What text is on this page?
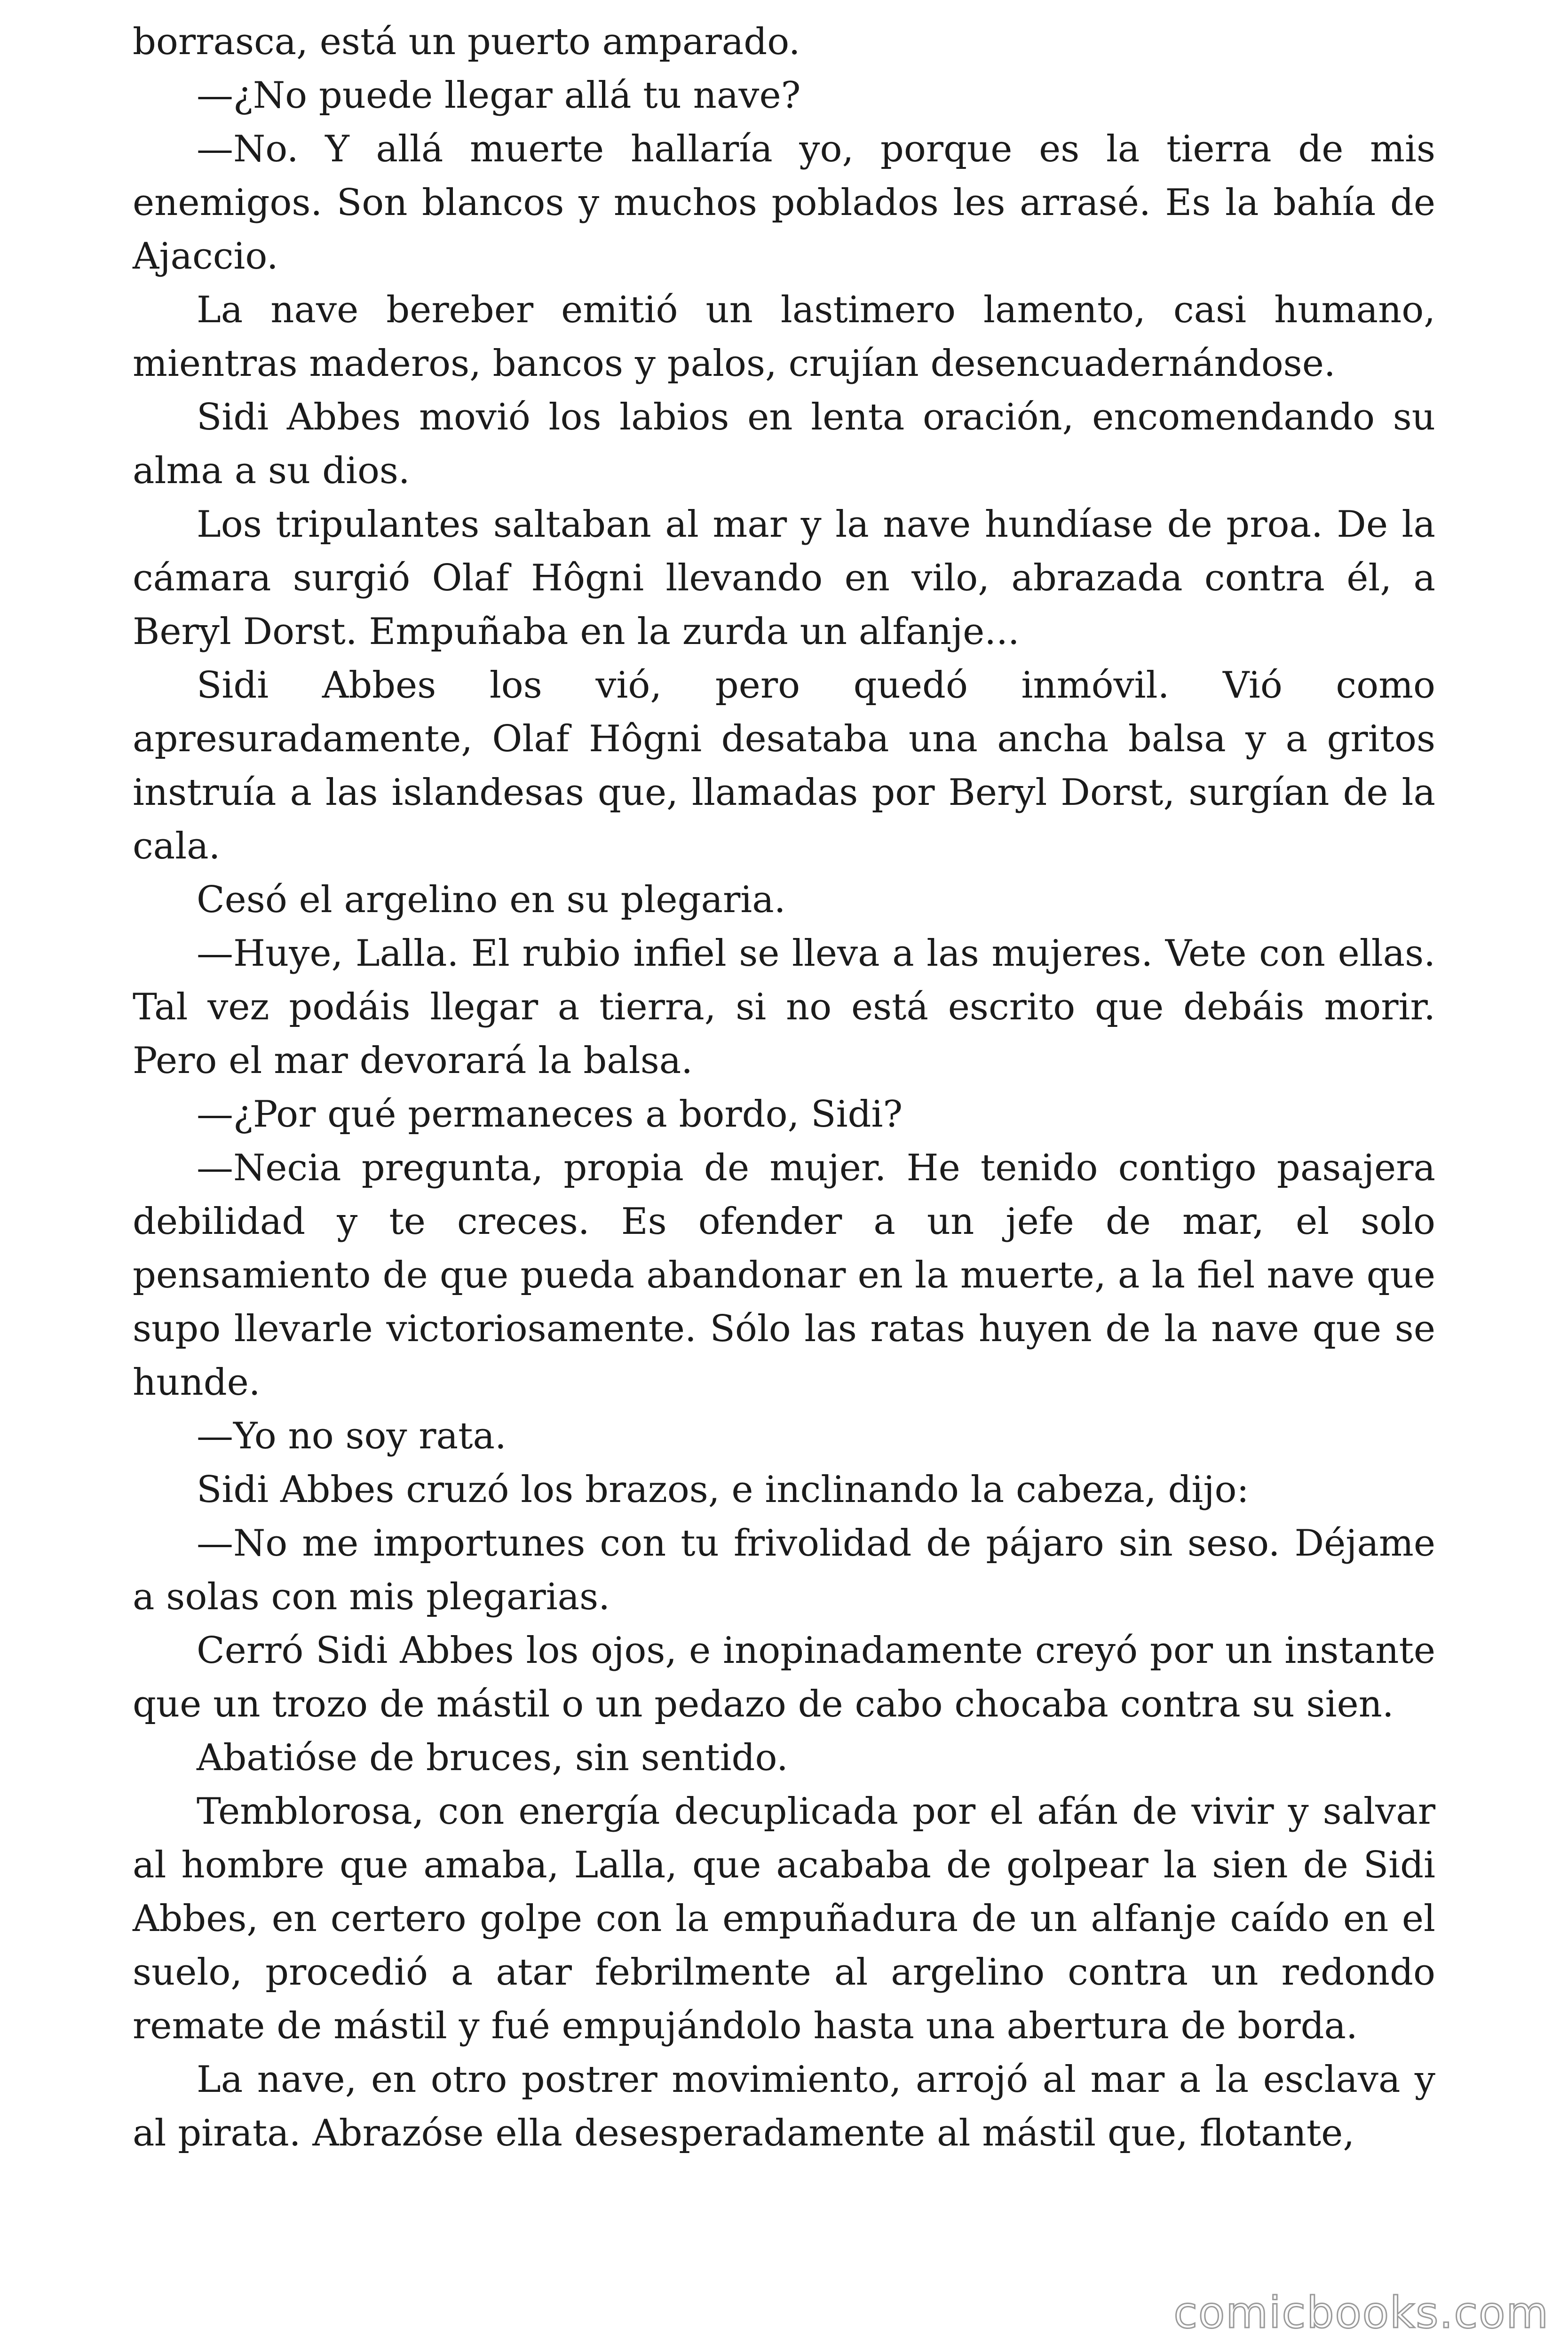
borrasca, está un puerto amparado.

—¿No puede llegar allá tu nave?

—No. Y allá muerte hallaría yo, porque es la tierra de mis enemigos. Son blancos y muchos poblados les arrasé. Es la bahía de Ajaccio.

La nave bereber emitió un lastimero lamento, casi humano, mientras maderos, bancos y palos, crujían desencuadernándose.

Sidi Abbes movió los labios en lenta oración, encomendando su alma a su dios.

Los tripulantes saltaban al mar y la nave hundíase de proa. De la cámara surgió Olaf Hôgni llevando en vilo, abrazada contra él, a Beryl Dorst. Empuñaba en la zurda un alfanje...

Sidi Abbes los vió, pero quedó inmóvil. Vió como apresuradamente, Olaf Hôgni desataba una ancha balsa y a gritos instruía a las islandesas que, llamadas por Beryl Dorst, surgían de la cala.

Cesó el argelino en su plegaria.

—Huye, Lalla. El rubio infiel se lleva a las mujeres. Vete con ellas. Tal vez podáis llegar a tierra, si no está escrito que debáis morir. Pero el mar devorará la balsa.

—¿Por qué permaneces a bordo, Sidi?

—Necia pregunta, propia de mujer. He tenido contigo pasajera debilidad y te creces. Es ofender a un jefe de mar, el solo pensamiento de que pueda abandonar en la muerte, a la fiel nave que supo llevarle victoriosamente. Sólo las ratas huyen de la nave que se hunde.

—Yo no soy rata.

Sidi Abbes cruzó los brazos, e inclinando la cabeza, dijo:

—No me importunes con tu frivolidad de pájaro sin seso. Déjame a solas con mis plegarias.

Cerró Sidi Abbes los ojos, e inopinadamente creyó por un instante que un trozo de mástil o un pedazo de cabo chocaba contra su sien.

Abatióse de bruces, sin sentido.

Temblorosa, con energía decuplicada por el afán de vivir y salvar al hombre que amaba, Lalla, que acababa de golpear la sien de Sidi Abbes, en certero golpe con la empuñadura de un alfanje caído en el suelo, procedió a atar febrilmente al argelino contra un redondo remate de mástil y fué empujándolo hasta una abertura de borda.

La nave, en otro postrer movimiento, arrojó al mar a la esclava y al pirata. Abrazóse ella desesperadamente al mástil que, flotante,

comicbooks.com
